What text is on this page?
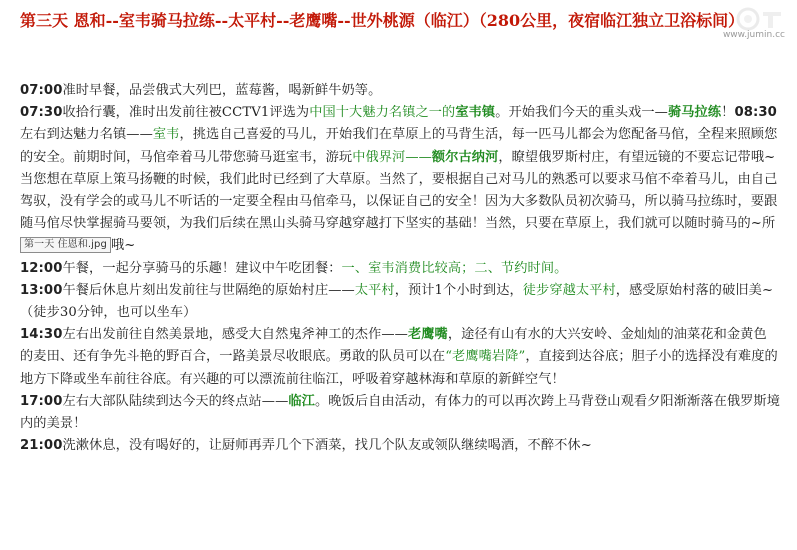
第三天 恩和--室韦骑马拉练--太平村--老鹰嘴--世外桃源（临江）（280公里，夜宿临江独立卫浴标间）
www.jumin.cc

07:00准时早餐，品尝俄式大列巴，蓝莓酱，喝新鲜牛奶等。

07:30收拾行囊，准时出发前往被CCTV1评选为中国十大魅力名镇之一的室韦镇。开始我们今天的重头戏一—骑马拉练！08:30左右到达魅力名镇——室韦，挑选自己喜爱的马儿，开始我们在草原上的马背生活，每一匹马儿都会为您配备马倌，全程来照顾您的安全。前期时间，马倌牵着马儿带您骑马逛室韦，游玩中俄界河——额尔古纳河，瞭望俄罗斯村庄，有望远镜的不要忘记带哦~ 当您想在草原上策马扬鞭的时候，我们此时已经到了大草原。当然了，要根据自己对马儿的熟悉可以要求马倌不牵着马儿，由自己驾驭，没有学会的或马儿不听话的一定要全程由马倌牵马，以保证自己的安全！因为大多数队员初次骑马，所以骑马拉练时，要跟随马倌尽快掌握骑马要领，为我们后续在黑山头骑马穿越穿越打下坚实的基础！当然，只要在草原上，我们就可以随时骑马的~所第一天 住恩和.jpg 哦~

12:00午餐，一起分享骑马的乐趣！建议中午吃团餐：一、室韦消费比较高；二、节约时间。

13:00午餐后休息片刻出发前往与世隔绝的原始村庄——太平村，预计1个小时到达，徒步穿越太平村，感受原始村落的破旧美~（徒步30分钟，也可以坐车）

14:30左右出发前往自然美景地，感受大自然鬼斧神工的杰作——老鹰嘴，途径有山有水的大兴安岭、金灿灿的油菜花和金黄色的麦田、还有争先斗艳的野百合，一路美景尽收眼底。勇敢的队员可以在“老鹰嘴岩降”，直接到达谷底；胆子小的选择没有难度的地方下降或坐车前往谷底。有兴趣的可以漂流前往临江，呼吸着穿越林海和草原的新鲜空气！

17:00左右大部队陆续到达今天的终点站——临江。晚饭后自由活动，有体力的可以再次跨上马背登山观看夕阳渐渐落在俄罗斯境内的美景！

21:00洗漱休息，没有喝好的，让厨师再弄几个下酒菜，找几个队友或领队继续喝酒，不醉不休~
